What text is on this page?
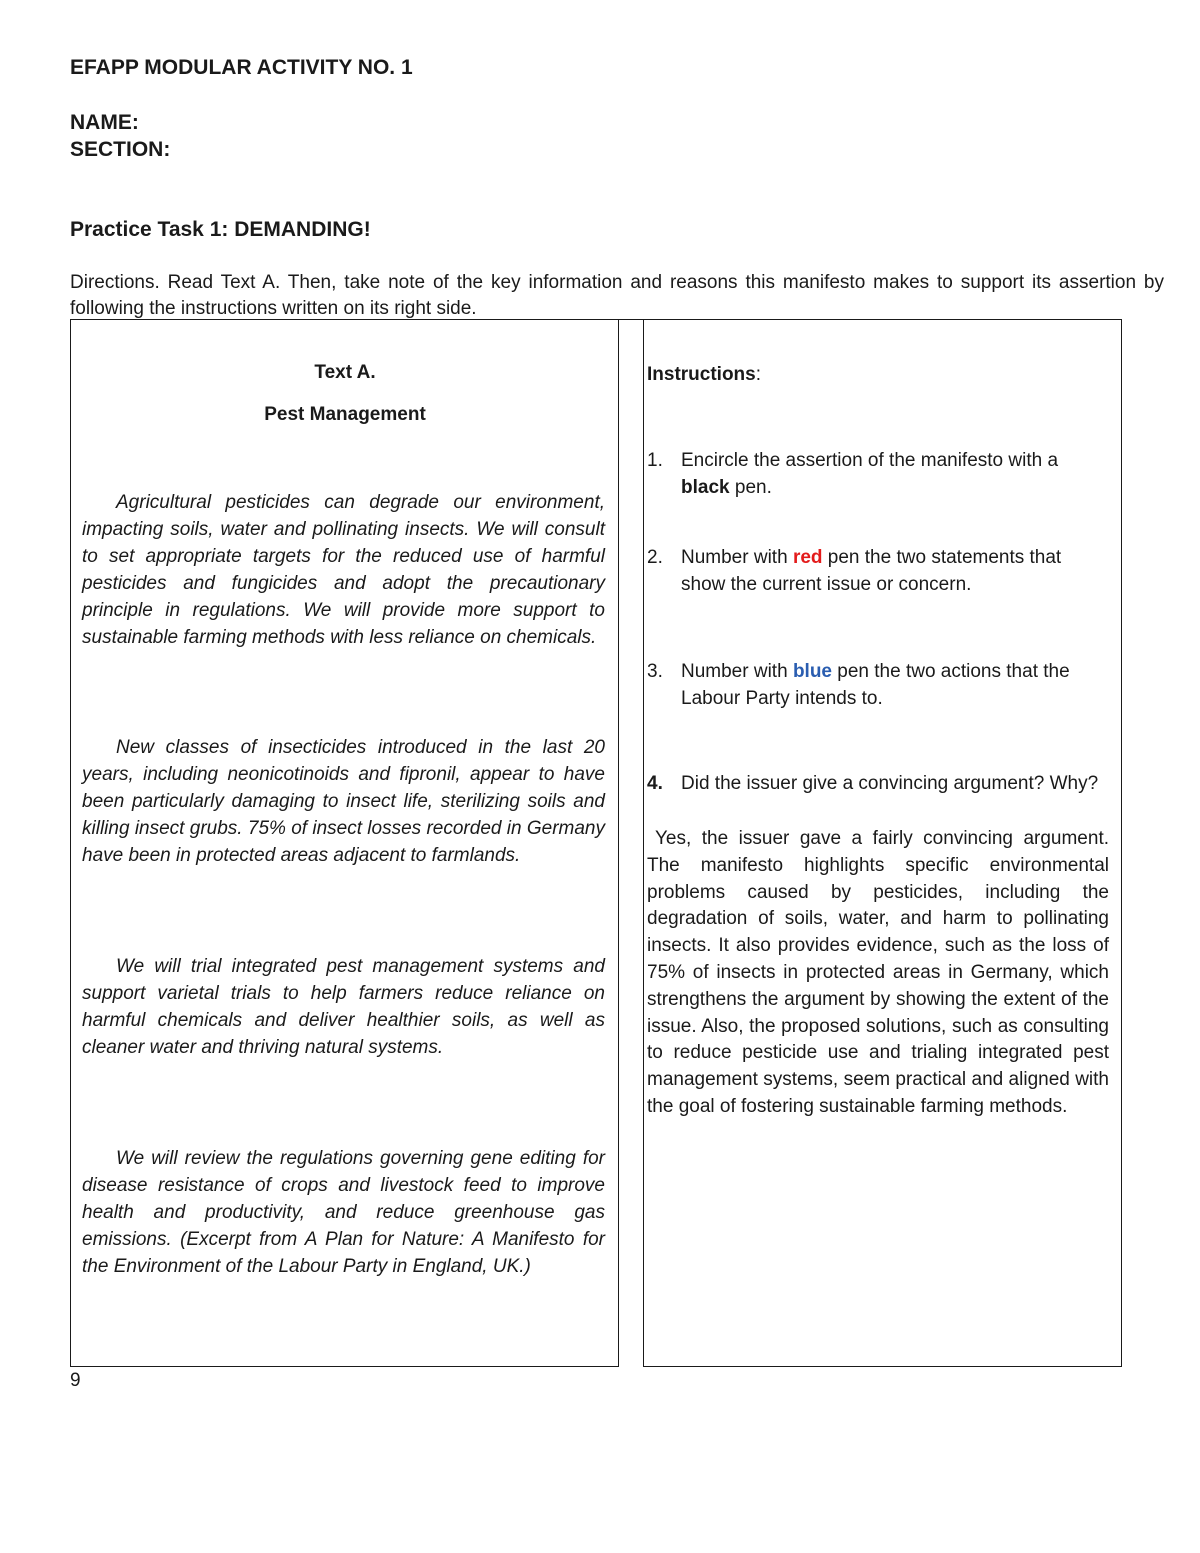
EFAPP MODULAR ACTIVITY NO. 1
NAME:
SECTION:
Practice Task 1: DEMANDING!
Directions. Read Text A. Then, take note of the key information and reasons this manifesto makes to support its assertion by following the instructions written on its right side.
Text A.
Pest Management
Agricultural pesticides can degrade our environment, impacting soils, water and pollinating insects. We will consult to set appropriate targets for the reduced use of harmful pesticides and fungicides and adopt the precautionary principle in regulations. We will provide more support to sustainable farming methods with less reliance on chemicals.
New classes of insecticides introduced in the last 20 years, including neonicotinoids and fipronil, appear to have been particularly damaging to insect life, sterilizing soils and killing insect grubs. 75% of insect losses recorded in Germany have been in protected areas adjacent to farmlands.
We will trial integrated pest management systems and support varietal trials to help farmers reduce reliance on harmful chemicals and deliver healthier soils, as well as cleaner water and thriving natural systems.
We will review the regulations governing gene editing for disease resistance of crops and livestock feed to improve health and productivity, and reduce greenhouse gas emissions. (Excerpt from A Plan for Nature: A Manifesto for the Environment of the Labour Party in England, UK.)
Instructions:
1. Encircle the assertion of the manifesto with a black pen.
2. Number with red pen the two statements that show the current issue or concern.
3. Number with blue pen the two actions that the Labour Party intends to.
4. Did the issuer give a convincing argument? Why?
Yes, the issuer gave a fairly convincing argument. The manifesto highlights specific environmental problems caused by pesticides, including the degradation of soils, water, and harm to pollinating insects. It also provides evidence, such as the loss of 75% of insects in protected areas in Germany, which strengthens the argument by showing the extent of the issue. Also, the proposed solutions, such as consulting to reduce pesticide use and trialing integrated pest management systems, seem practical and aligned with the goal of fostering sustainable farming methods.
9
